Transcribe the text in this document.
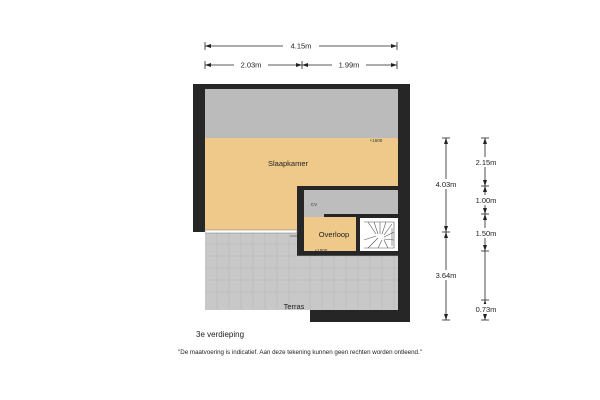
4.15m
2.03m	1.99m
Slaapkamer
+1500
Overloop
+1500
CV
Terras
4.03m
3.64m
2.15m
1.00m
1.50m
0.73m
3e verdieping
"De maatvoering is indicatief. Aan deze tekening kunnen geen rechten worden ontleend."
